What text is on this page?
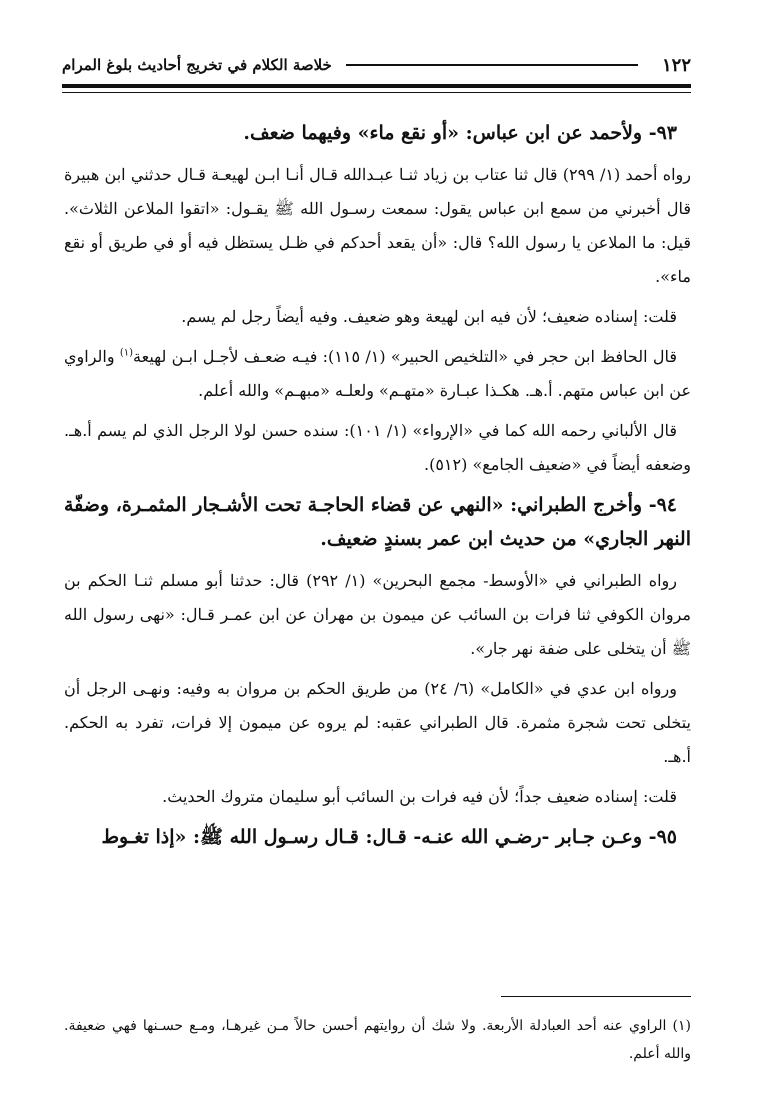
١٢٢
خلاصة الكلام في تخريج أحاديث بلوغ المرام

٩٣- ولأحمد عن ابن عباس: «أو نقع ماء» وفيهما ضعف.

رواه أحمد (١/ ٢٩٩) قال ثنا عتاب بن زياد ثنـا عبـدالله قـال أنـا ابـن لهيعـة قـال حدثني ابن هبيرة قال أخبرني من سمع ابن عباس يقول: سمعت رسـول الله ﷺ يقـول: «اتقوا الملاعن الثلاث». قيل: ما الملاعن يا رسول الله؟ قال: «أن يقعد أحدكم في ظـل يستظل فيه أو في طريق أو نقع ماء».

قلت: إسناده ضعيف؛ لأن فيه ابن لهيعة وهو ضعيف. وفيه أيضاً رجل لم يسم.

قال الحافظ ابن حجر في «التلخيص الحبير» (١/ ١١٥): فيـه ضعـف لأجـل ابـن لهيعة$^{(١)}$ والراوي عن ابن عباس متهم. أ.هـ. هكـذا عبـارة «متهـم» ولعلـه «مبهـم» والله أعلم.

قال الألباني رحمه الله كما في «الإرواء» (١/ ١٠١): سنده حسن لولا الرجل الذي لم يسم أ.هـ. وضعفه أيضاً في «ضعيف الجامع» (٥١٢).

٩٤- وأخرج الطبراني: «النهي عن قضاء الحاجـة تحت الأشـجار المثمـرة، وضفّة النهر الجاري» من حديث ابن عمر بسندٍ ضعيف.

رواه الطبراني في «الأوسط- مجمع البحرين» (١/ ٢٩٢) قال: حدثنا أبو مسلم ثنـا الحكم بن مروان الكوفي ثنا فرات بن السائب عن ميمون بن مهران عن ابن عمـر قـال: «نهى رسول الله ﷺ أن يتخلى على ضفة نهر جار».

ورواه ابن عدي في «الكامل» (٦/ ٢٤) من طريق الحكم بن مروان به وفيه: ونهـى الرجل أن يتخلى تحت شجرة مثمرة. قال الطبراني عقبه: لم يروه عن ميمون إلا فرات، تفرد به الحكم. أ.هـ.

قلت: إسناده ضعيف جداً؛ لأن فيه فرات بن السائب أبو سليمان متروك الحديث.

٩٥- وعـن جـابر -رضـي الله عنـه- قـال: قـال رسـول الله ﷺ: «إذا تغـوط

(١) الراوي عنه أحد العبادلة الأربعة. ولا شك أن روايتهم أحسن حالاً مـن غيرهـا، ومـع حسـنها فهي ضعيفة. والله أعلم.
